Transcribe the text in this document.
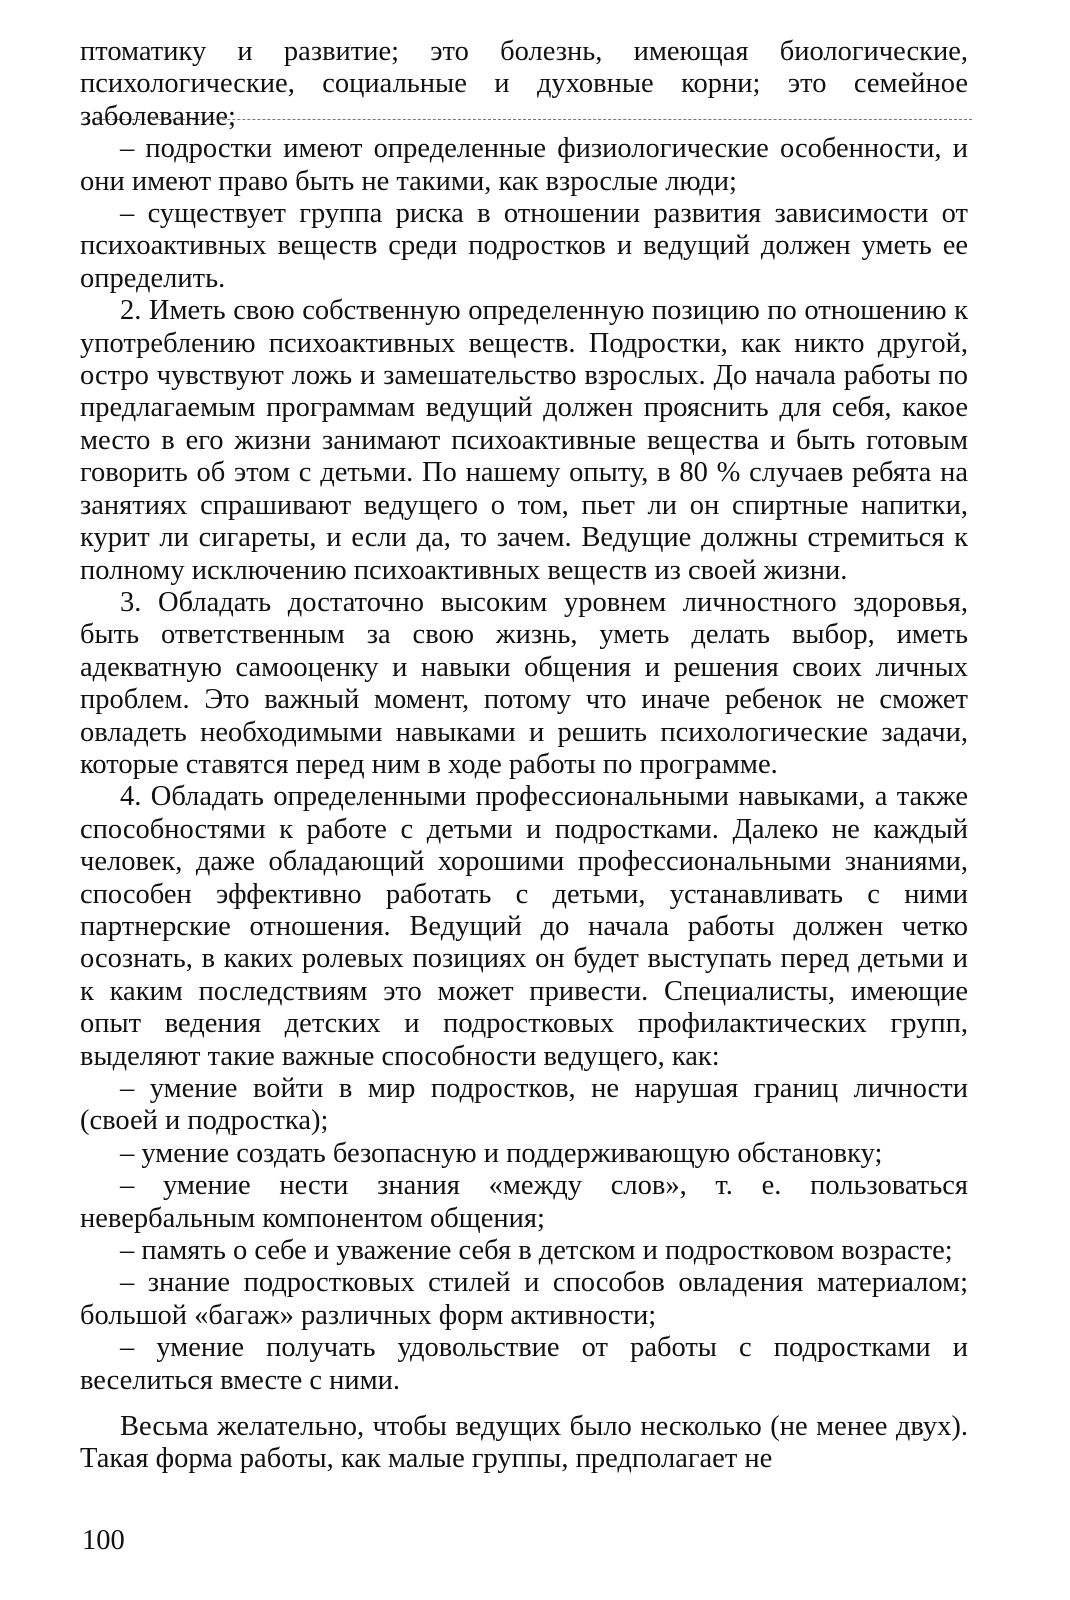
птоматику и развитие; это болезнь, имеющая биологические, психологические, социальные и духовные корни; это семейное заболевание;

– подростки имеют определенные физиологические особенности, и они имеют право быть не такими, как взрослые люди;

– существует группа риска в отношении развития зависимости от психоактивных веществ среди подростков и ведущий должен уметь ее определить.

2. Иметь свою собственную определенную позицию по отношению к употреблению психоактивных веществ. Подростки, как никто другой, остро чувствуют ложь и замешательство взрослых. До начала работы по предлагаемым программам ведущий должен прояснить для себя, какое место в его жизни занимают психоактивные вещества и быть готовым говорить об этом с детьми. По нашему опыту, в 80 % случаев ребята на занятиях спрашивают ведущего о том, пьет ли он спиртные напитки, курит ли сигареты, и если да, то зачем. Ведущие должны стремиться к полному исключению психоактивных веществ из своей жизни.

3. Обладать достаточно высоким уровнем личностного здоровья, быть ответственным за свою жизнь, уметь делать выбор, иметь адекватную самооценку и навыки общения и решения своих личных проблем. Это важный момент, потому что иначе ребенок не сможет овладеть необходимыми навыками и решить психологические задачи, которые ставятся перед ним в ходе работы по программе.

4. Обладать определенными профессиональными навыками, а также способностями к работе с детьми и подростками. Далеко не каждый человек, даже обладающий хорошими профессиональными знаниями, способен эффективно работать с детьми, устанавливать с ними партнерские отношения. Ведущий до начала работы должен четко осознать, в каких ролевых позициях он будет выступать перед детьми и к каким последствиям это может привести. Специалисты, имеющие опыт ведения детских и подростковых профилактических групп, выделяют такие важные способности ведущего, как:

– умение войти в мир подростков, не нарушая границ личности (своей и подростка);

– умение создать безопасную и поддерживающую обстановку;

– умение нести знания «между слов», т. е. пользоваться невербальным компонентом общения;

– память о себе и уважение себя в детском и подростковом возрасте;

– знание подростковых стилей и способов овладения материалом; большой «багаж» различных форм активности;

– умение получать удовольствие от работы с подростками и веселиться вместе с ними.

Весьма желательно, чтобы ведущих было несколько (не менее двух). Такая форма работы, как малые группы, предполагает не

100
